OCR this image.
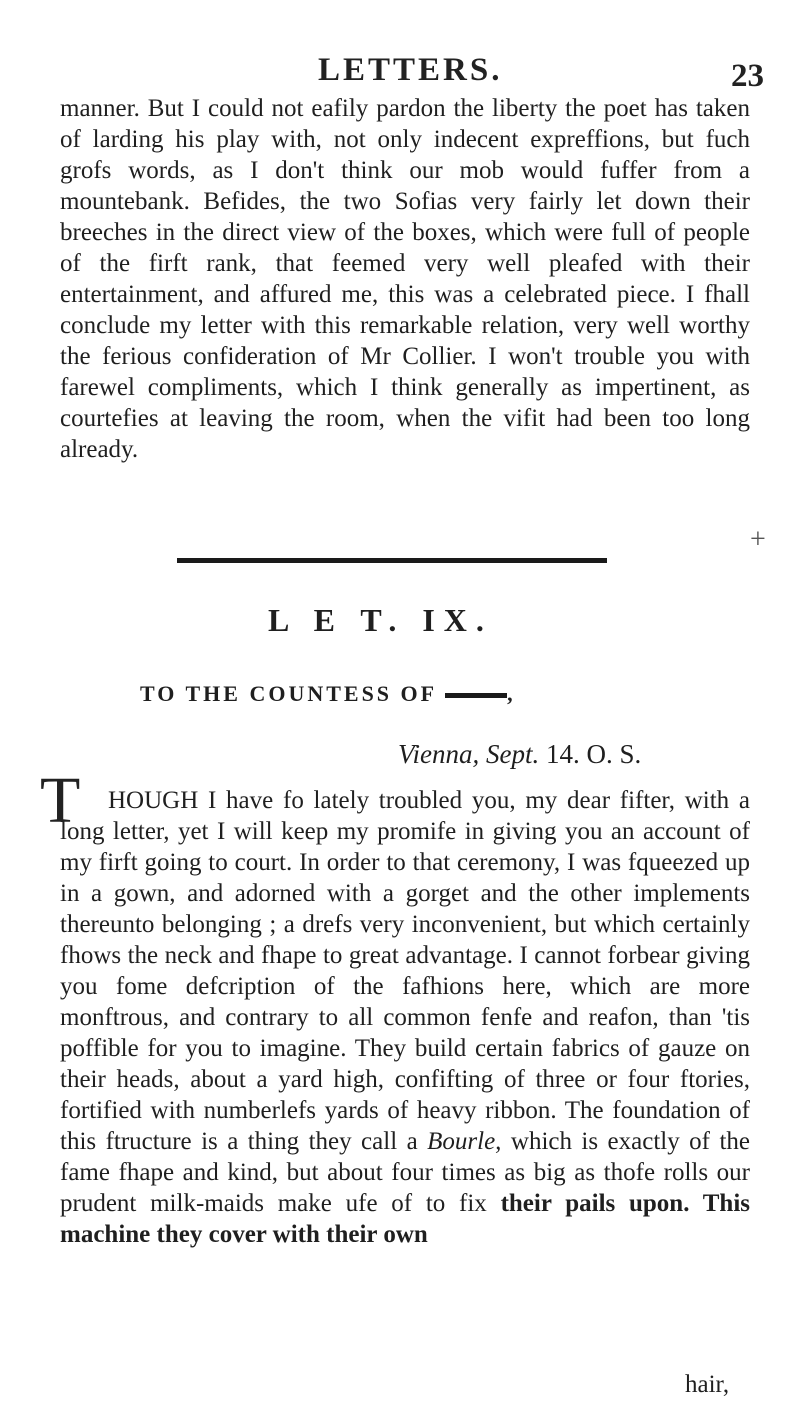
LETTERS.	23
manner. But I could not eafily pardon the liberty the poet has taken of larding his play with, not only indecent expreffions, but fuch grofs words, as I don't think our mob would fuffer from a mountebank. Befides, the two Sofias very fairly let down their breeches in the direct view of the boxes, which were full of people of the firft rank, that feemed very well pleafed with their entertainment, and affured me, this was a celebrated piece. I fhall conclude my letter with this remarkable relation, very well worthy the ferious confideration of Mr Collier. I won't trouble you with farewel compliments, which I think generally as impertinent, as courtefies at leaving the room, when the vifit had been too long already.
+
L E T. IX.
TO THE COUNTESS OF	,
Vienna, Sept. 14. O. S.
T	HOUGH I have fo lately troubled you, my dear fifter, with a long letter, yet I will keep my promife in giving you an account of my firft going to court. In order to that ceremony, I was fqueezed up in a gown, and adorned with a gorget and the other implements thereunto belonging ; a drefs very inconvenient, but which certainly fhows the neck and fhape to great advantage. I cannot forbear giving you fome defcription of the fafhions here, which are more monftrous, and contrary to all common fenfe and reafon, than 'tis poffible for you to imagine. They build certain fabrics of gauze on their heads, about a yard high, confifting of three or four ftories, fortified with numberlefs yards of heavy ribbon. The foundation of this ftructure is a thing they call a Bourle, which is exactly of the fame fhape and kind, but about four times as big as thofe rolls our prudent milk-maids make ufe of to fix their pails upon. This machine they cover with their own
hair,
